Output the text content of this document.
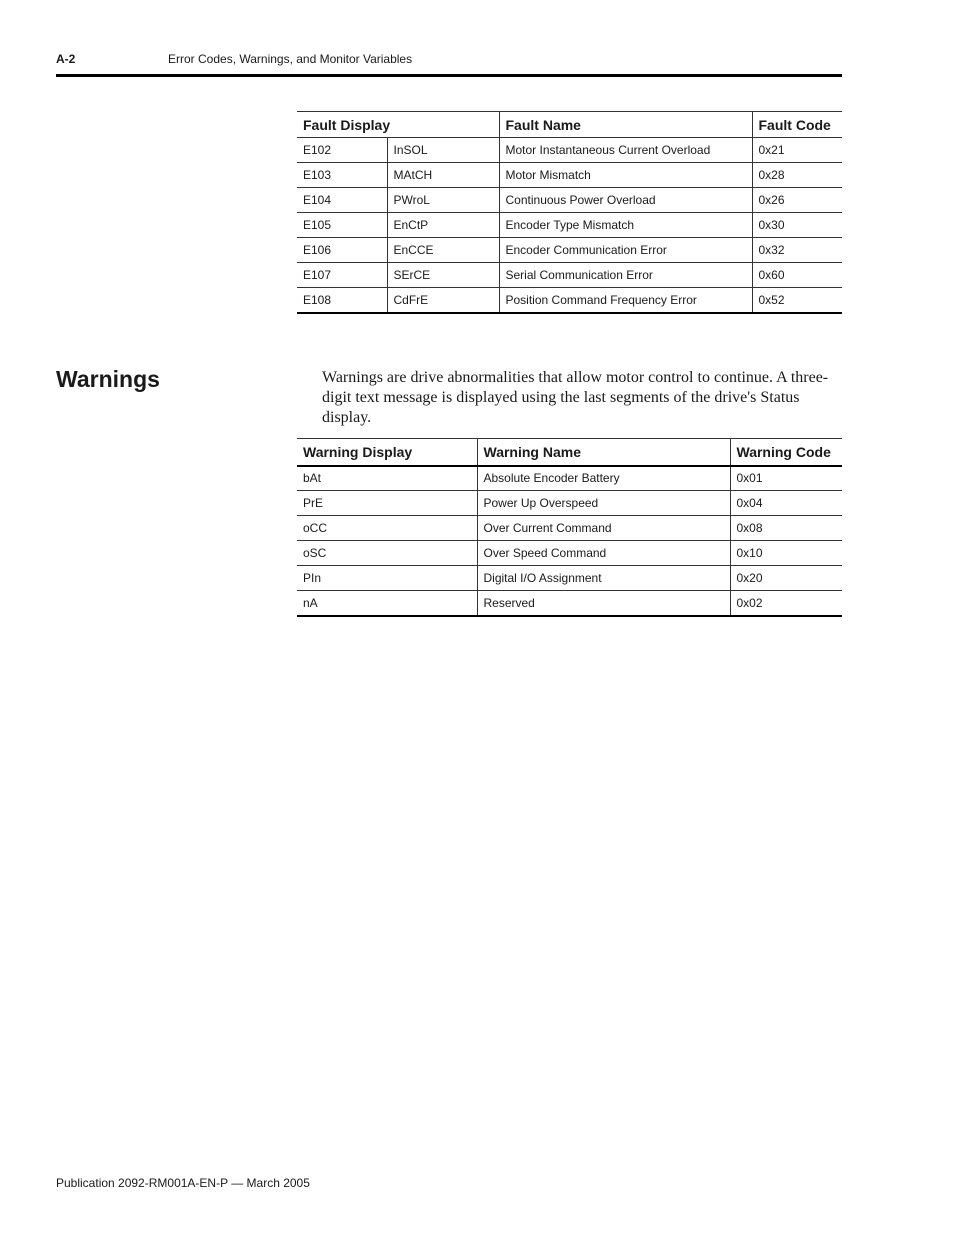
A-2	Error Codes, Warnings, and Monitor Variables
Fault Display		Fault Name	Fault Code
E102	InSOL	Motor Instantaneous Current Overload	0x21
E103	MAtCH	Motor Mismatch	0x28
E104	PWroL	Continuous Power Overload	0x26
E105	EnCtP	Encoder Type Mismatch	0x30
E106	EnCCE	Encoder Communication Error	0x32
E107	SErCE	Serial Communication Error	0x60
E108	CdFrE	Position Command Frequency Error	0x52
Warnings	Warnings are drive abnormalities that allow motor control to continue. A three-digit text message is displayed using the last segments of the drive's Status display.
Warning Display	Warning Name	Warning Code
bAt	Absolute Encoder Battery	0x01
PrE	Power Up Overspeed	0x04
oCC	Over Current Command	0x08
oSC	Over Speed Command	0x10
PIn	Digital I/O Assignment	0x20
nA	Reserved	0x02
Publication 2092-RM001A-EN-P — March 2005
